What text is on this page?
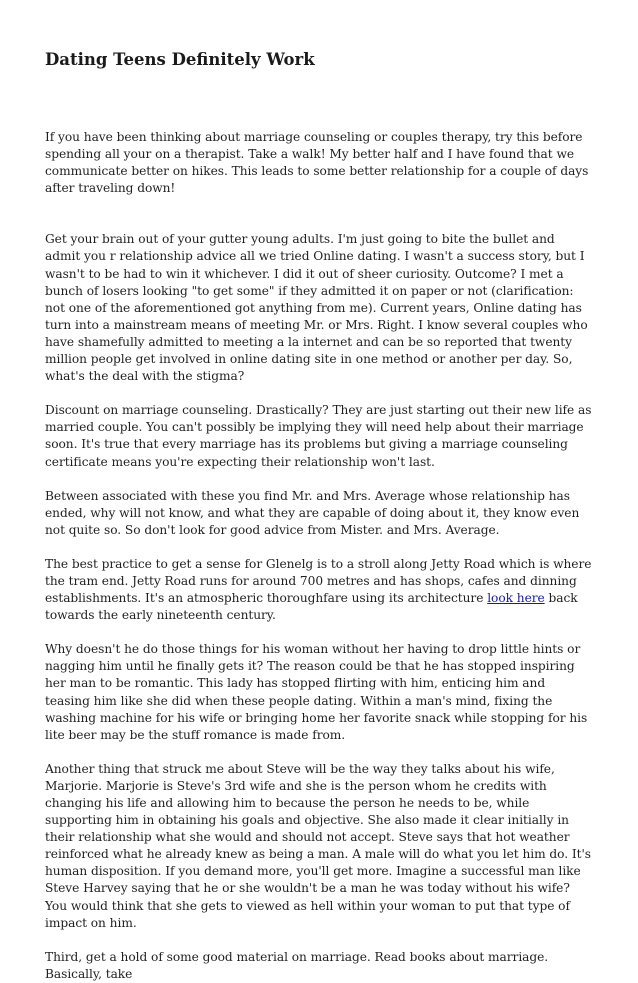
Dating Teens Definitely Work

If you have been thinking about marriage counseling or couples therapy, try this before spending all your on a therapist. Take a walk! My better half and I have found that we communicate better on hikes. This leads to some better relationship for a couple of days after traveling down!

Get your brain out of your gutter young adults. I'm just going to bite the bullet and admit you r relationship advice all we tried Online dating. I wasn't a success story, but I wasn't to be had to win it whichever. I did it out of sheer curiosity. Outcome? I met a bunch of losers looking "to get some" if they admitted it on paper or not (clarification: not one of the aforementioned got anything from me). Current years, Online dating has turn into a mainstream means of meeting Mr. or Mrs. Right. I know several couples who have shamefully admitted to meeting a la internet and can be so reported that twenty million people get involved in online dating site in one method or another per day. So, what's the deal with the stigma?

Discount on marriage counseling. Drastically? They are just starting out their new life as married couple. You can't possibly be implying they will need help about their marriage soon. It's true that every marriage has its problems but giving a marriage counseling certificate means you're expecting their relationship won't last.

Between associated with these you find Mr. and Mrs. Average whose relationship has ended, why will not know, and what they are capable of doing about it, they know even not quite so. So don't look for good advice from Mister. and Mrs. Average.

The best practice to get a sense for Glenelg is to a stroll along Jetty Road which is where the tram end. Jetty Road runs for around 700 metres and has shops, cafes and dinning establishments. It's an atmospheric thoroughfare using its architecture look here back towards the early nineteenth century.

Why doesn't he do those things for his woman without her having to drop little hints or nagging him until he finally gets it? The reason could be that he has stopped inspiring her man to be romantic. This lady has stopped flirting with him, enticing him and teasing him like she did when these people dating. Within a man's mind, fixing the washing machine for his wife or bringing home her favorite snack while stopping for his lite beer may be the stuff romance is made from.

Another thing that struck me about Steve will be the way they talks about his wife, Marjorie. Marjorie is Steve's 3rd wife and she is the person whom he credits with changing his life and allowing him to because the person he needs to be, while supporting him in obtaining his goals and objective. She also made it clear initially in their relationship what she would and should not accept. Steve says that hot weather reinforced what he already knew as being a man. A male will do what you let him do. It's human disposition. If you demand more, you'll get more. Imagine a successful man like Steve Harvey saying that he or she wouldn't be a man he was today without his wife? You would think that she gets to viewed as hell within your woman to put that type of impact on him.

Third, get a hold of some good material on marriage. Read books about marriage. Basically, take
